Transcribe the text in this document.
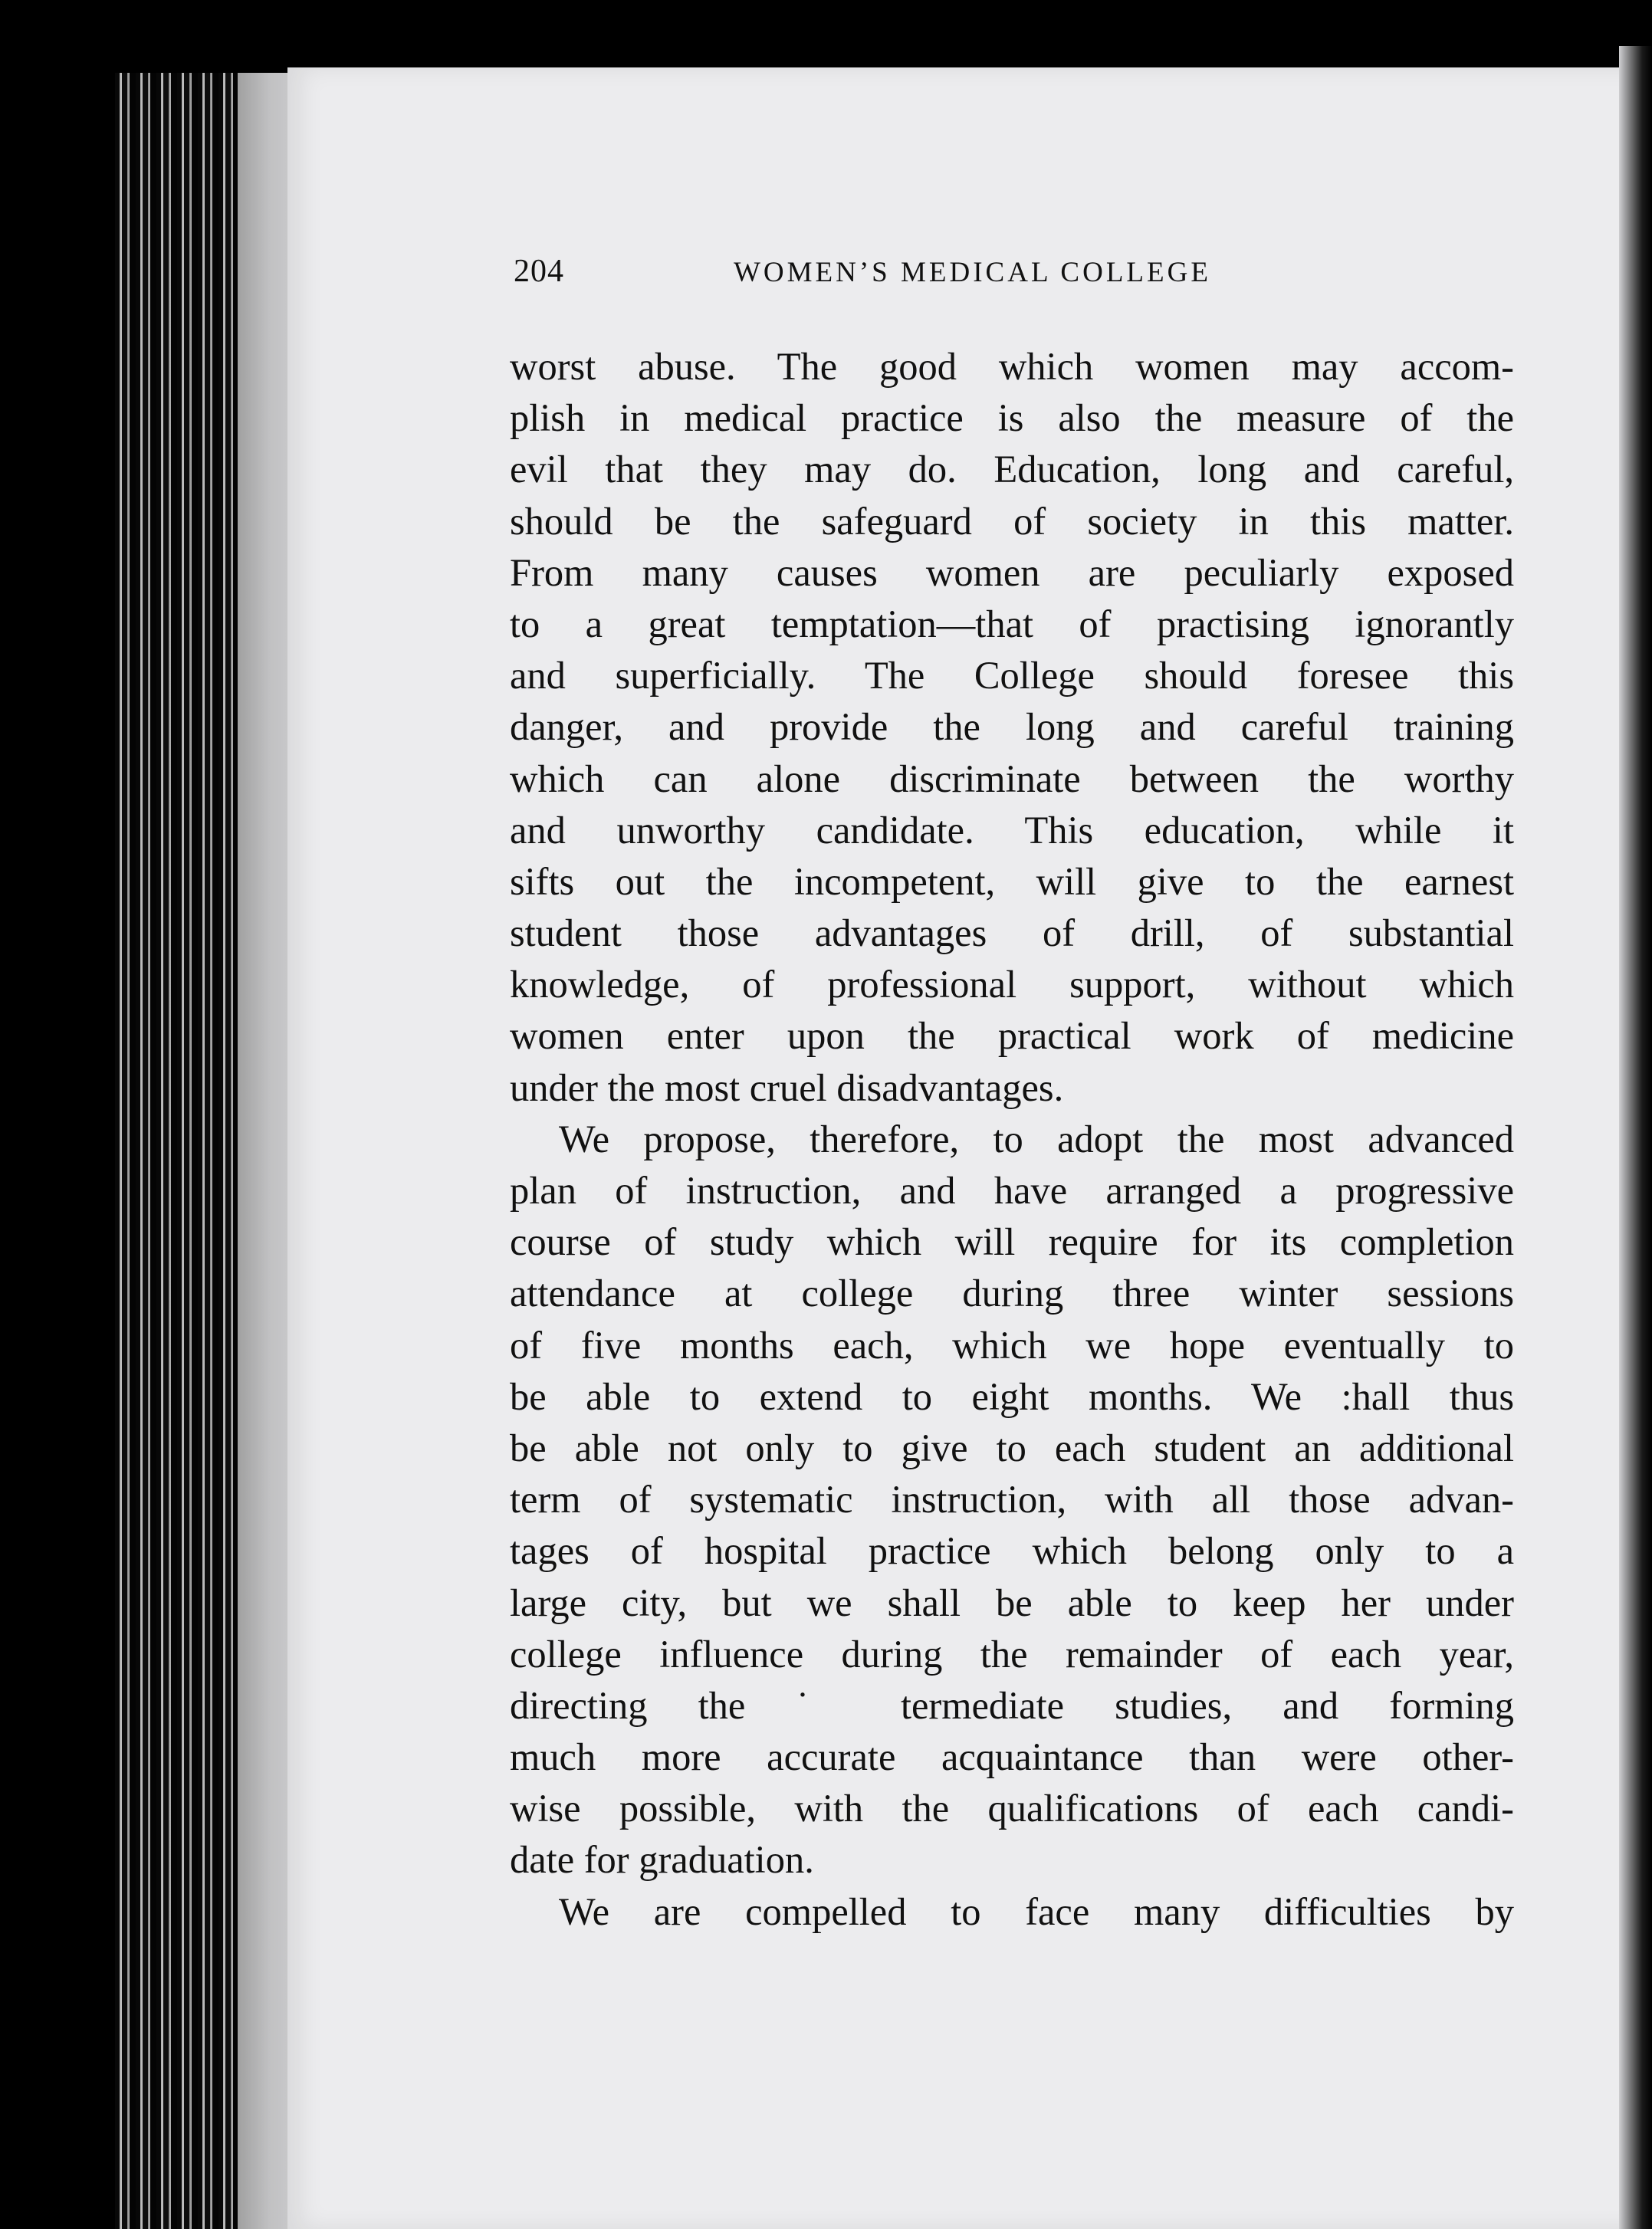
204	WOMEN’S MEDICAL COLLEGE
worst abuse. The good which women may accom-
plish in medical practice is also the measure of the
evil that they may do. Education, long and careful,
should be the safeguard of society in this matter.
From many causes women are peculiarly exposed
to a great temptation—that of practising ignorantly
and superficially. The College should foresee this
danger, and provide the long and careful training
which can alone discriminate between the worthy
and unworthy candidate. This education, while it
sifts out the incompetent, will give to the earnest
student those advantages of drill, of substantial
knowledge, of professional support, without which
women enter upon the practical work of medicine
under the most cruel disadvantages.
We propose, therefore, to adopt the most advanced
plan of instruction, and have arranged a progressive
course of study which will require for its completion
attendance at college during three winter sessions
of five months each, which we hope eventually to
be able to extend to eight months. We :hall thus
be able not only to give to each student an additional
term of systematic instruction, with all those advan-
tages of hospital practice which belong only to a
large city, but we shall be able to keep her under
college influence during the remainder of each year,
directing the ˙ termediate studies, and forming
much more accurate acquaintance than were other-
wise possible, with the qualifications of each candi-
date for graduation.
We are compelled to face many difficulties by
